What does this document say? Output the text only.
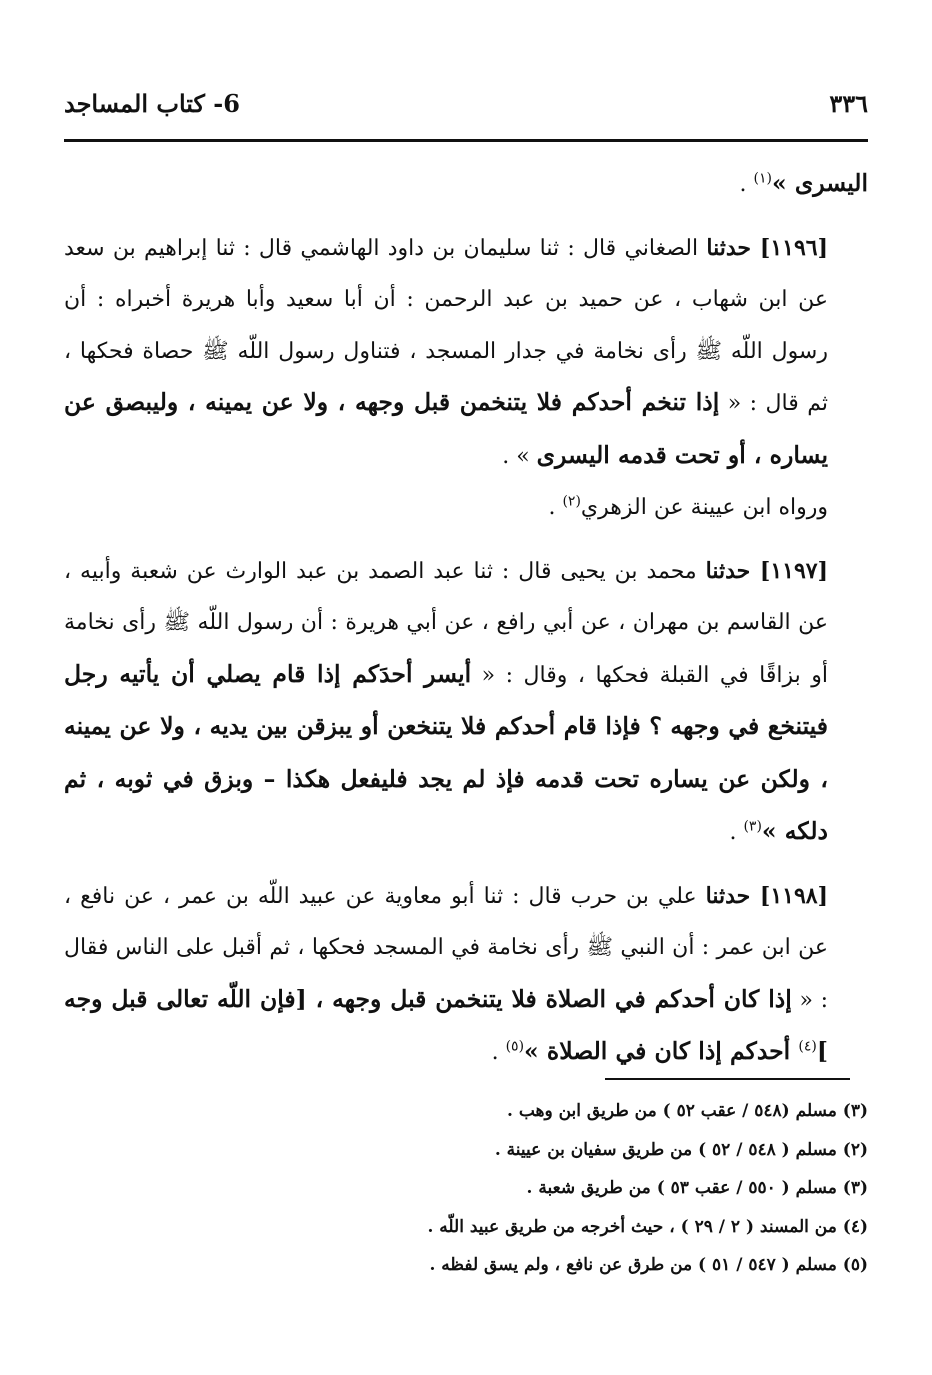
٣٣٦
6- كتاب المساجد

اليسرى »$^{(١)}$ .

[١١٩٦] حدثنا الصغاني قال : ثنا سليمان بن داود الهاشمي قال : ثنا إبراهيم بن سعد عن ابن شهاب ، عن حميد بن عبد الرحمن : أن أبا سعيد وأبا هريرة أخبراه : أن رسول اللّه ﷺ رأى نخامة في جدار المسجد ، فتناول رسول اللّه ﷺ حصاة فحكها ، ثم قال : « إذا تنخم أحدكم فلا يتنخمن قبل وجهه ، ولا عن يمينه ، وليبصق عن يساره ، أو تحت قدمه اليسرى » .

ورواه ابن عيينة عن الزهري$^{(٢)}$ .

[١١٩٧] حدثنا محمد بن يحيى قال : ثنا عبد الصمد بن عبد الوارث عن شعبة وأبيه ، عن القاسم بن مهران ، عن أبي رافع ، عن أبي هريرة : أن رسول اللّه ﷺ رأى نخامة أو بزاقًا في القبلة فحكها ، وقال : « أيسر أحدَكم إذا قام يصلي أن يأتيه رجل فيتنخع في وجهه ؟ فإذا قام أحدكم فلا يتنخعن أو يبزقن بين يديه ، ولا عن يمينه ، ولكن عن يساره تحت قدمه فإذ لم يجد فليفعل هكذا – وبزق في ثوبه ، ثم دلكه »$^{(٣)}$ .

[١١٩٨] حدثنا علي بن حرب قال : ثنا أبو معاوية عن عبيد اللّه بن عمر ، عن نافع ، عن ابن عمر : أن النبي ﷺ رأى نخامة في المسجد فحكها ، ثم أقبل على الناس فقال : « إذا كان أحدكم في الصلاة فلا يتنخمن قبل وجهه ، [فإن اللّه تعالى قبل وجه ]$^{(٤)}$ أحدكم إذا كان في الصلاة »$^{(٥)}$ .

(٣) مسلم (٥٤٨ / عقب ٥٢ ) من طريق ابن وهب .
(٢) مسلم ( ٥٤٨ / ٥٢ ) من طريق سفيان بن عيينة .
(٣) مسلم ( ٥٥٠ / عقب ٥٣ ) من طريق شعبة .
(٤) من المسند ( ٢ / ٢٩ ) ، حيث أخرجه من طريق عبيد اللّه .
(٥) مسلم ( ٥٤٧ / ٥١ ) من طرق عن نافع ، ولم يسق لفظه .
